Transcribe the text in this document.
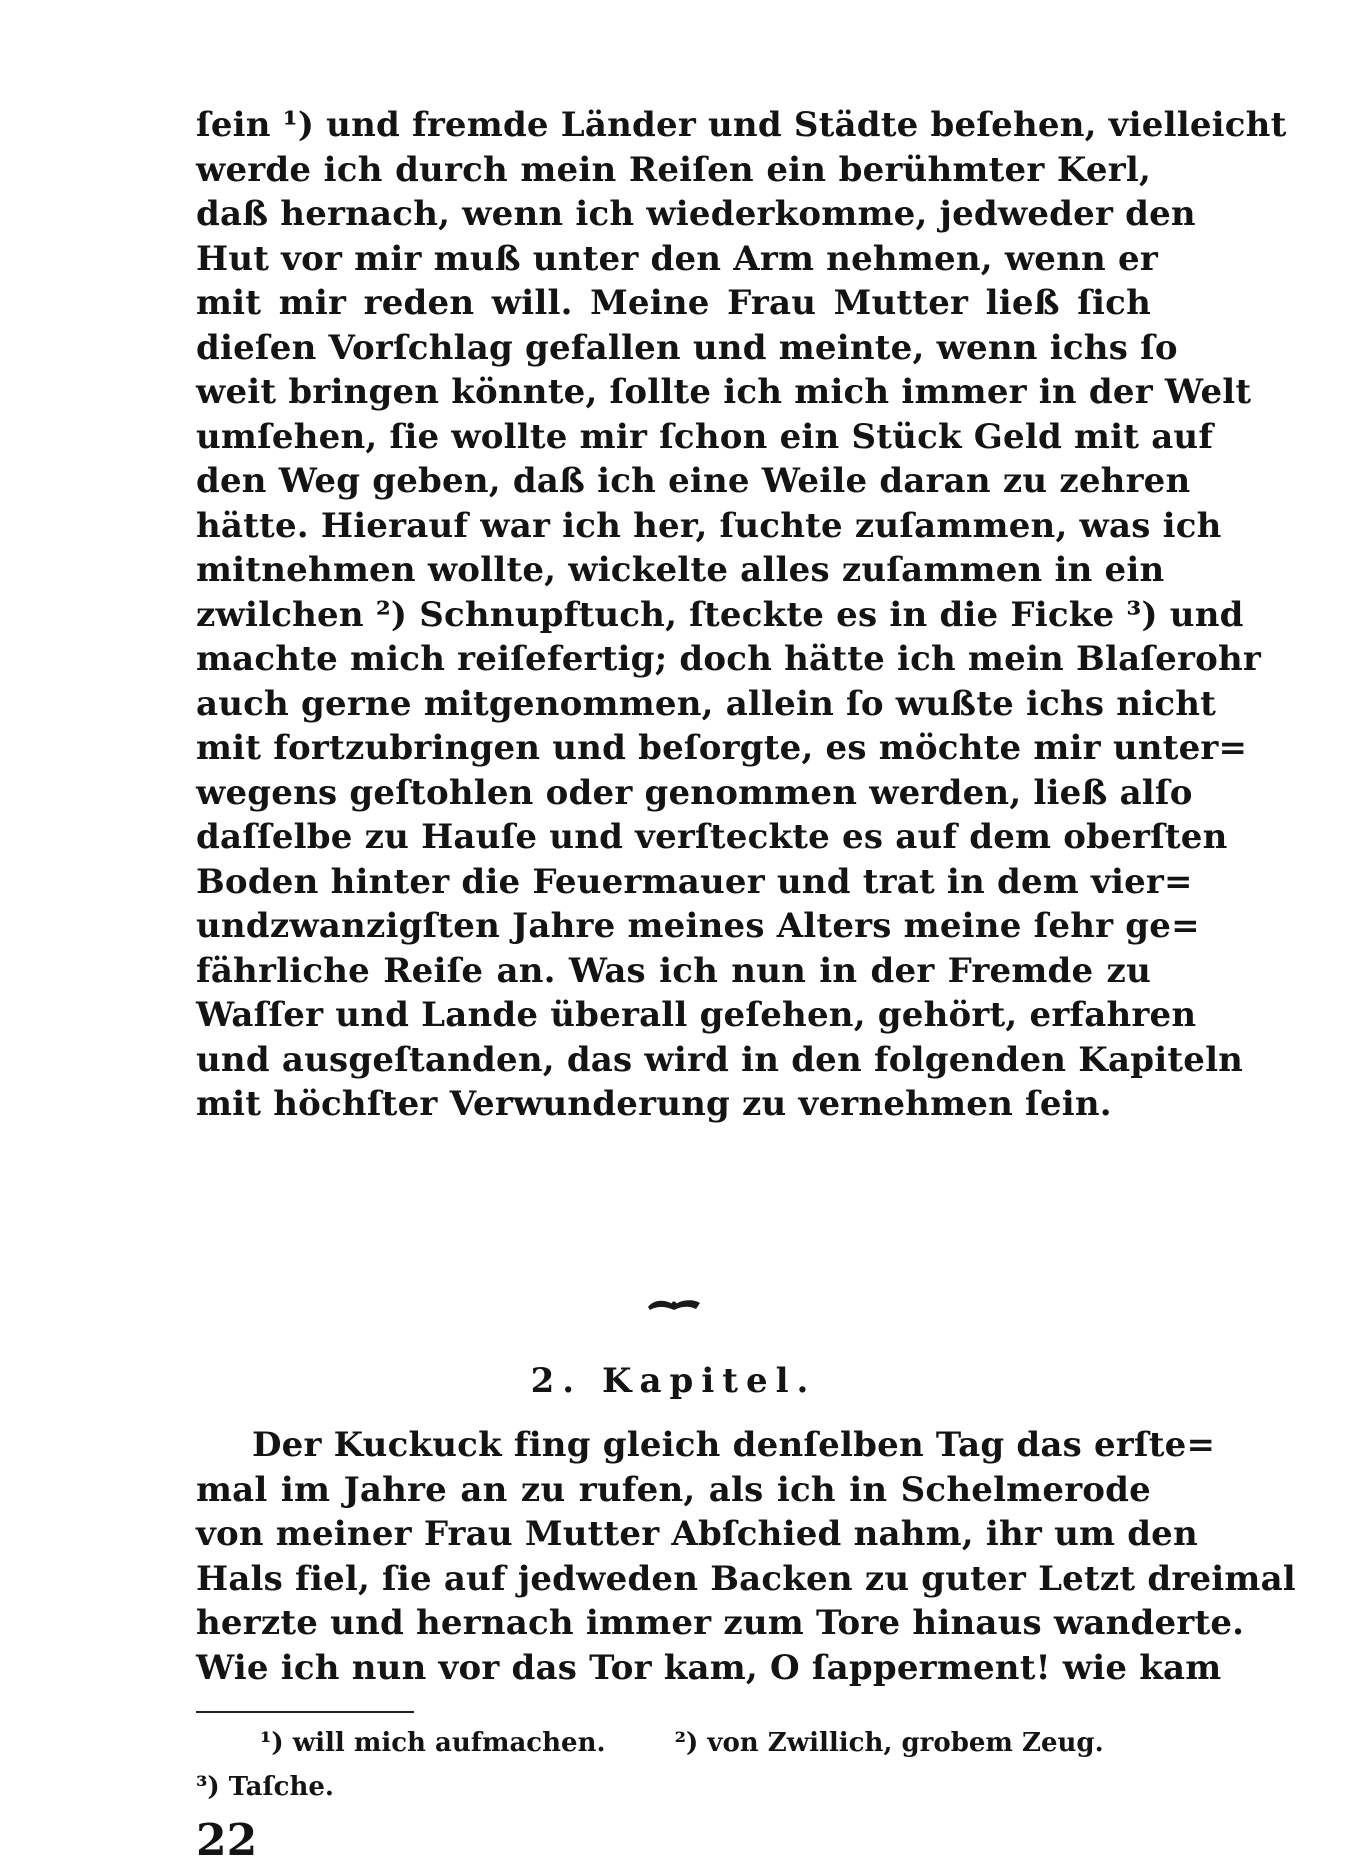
ſein ¹) und fremde Länder und Städte beſehen, vielleicht
werde ich durch mein Reiſen ein berühmter Kerl,
daß hernach, wenn ich wiederkomme, jedweder den
Hut vor mir muß unter den Arm nehmen, wenn er
mit mir reden will. Meine Frau Mutter ließ ſich
dieſen Vorſchlag gefallen und meinte, wenn ichs ſo
weit bringen könnte, ſollte ich mich immer in der Welt
umſehen, ſie wollte mir ſchon ein Stück Geld mit auf
den Weg geben, daß ich eine Weile daran zu zehren
hätte. Hierauf war ich her, ſuchte zuſammen, was ich
mitnehmen wollte, wickelte alles zuſammen in ein
zwilchen ²) Schnupftuch, ſteckte es in die Ficke ³) und
machte mich reiſefertig; doch hätte ich mein Blaſerohr
auch gerne mitgenommen, allein ſo wußte ichs nicht
mit fortzubringen und beſorgte, es möchte mir unter=
wegens geſtohlen oder genommen werden, ließ alſo
daſſelbe zu Hauſe und verſteckte es auf dem oberſten
Boden hinter die Feuermauer und trat in dem vier=
undzwanzigſten Jahre meines Alters meine ſehr ge=
fährliche Reiſe an. Was ich nun in der Fremde zu
Waſſer und Lande überall geſehen, gehört, erfahren
und ausgeſtanden, das wird in den folgenden Kapiteln
mit höchſter Verwunderung zu vernehmen ſein.
2. Kapitel.
Der Kuckuck fing gleich denſelben Tag das erſte=
mal im Jahre an zu rufen, als ich in Schelmerode
von meiner Frau Mutter Abſchied nahm, ihr um den
Hals fiel, ſie auf jedweden Backen zu guter Letzt dreimal
herzte und hernach immer zum Tore hinaus wanderte.
Wie ich nun vor das Tor kam, O ſapperment! wie kam
¹) will mich aufmachen.	²) von Zwillich, grobem Zeug.
³) Taſche.
22
